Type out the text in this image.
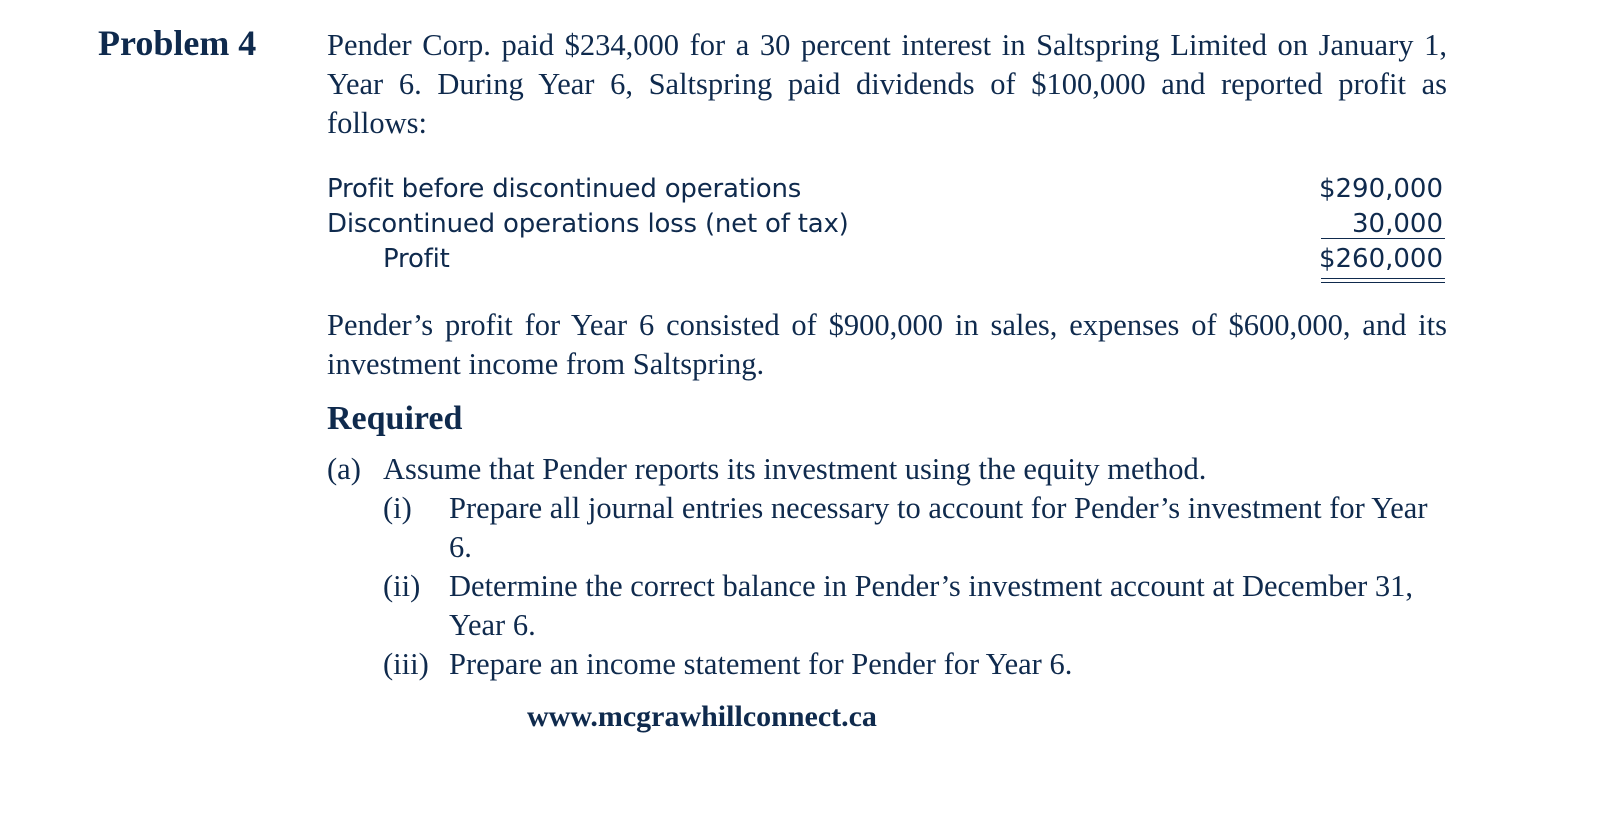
Problem 4 Pender Corp. paid $234,000 for a 30 percent interest in Saltspring Limited on January 1, Year 6. During Year 6, Saltspring paid dividends of $100,000 and reported profit as follows:

Profit before discontinued operations	$290,000
Discontinued operations loss (net of tax)	30,000
Profit	$260,000

Pender’s profit for Year 6 consisted of $900,000 in sales, expenses of $600,000, and its investment income from Saltspring.

Required
(a) Assume that Pender reports its investment using the equity method.
(i) Prepare all journal entries necessary to account for Pender’s investment for Year 6.
(ii) Determine the correct balance in Pender’s investment account at December 31, Year 6.
(iii) Prepare an income statement for Pender for Year 6.
www.mcgrawhillconnect.ca
